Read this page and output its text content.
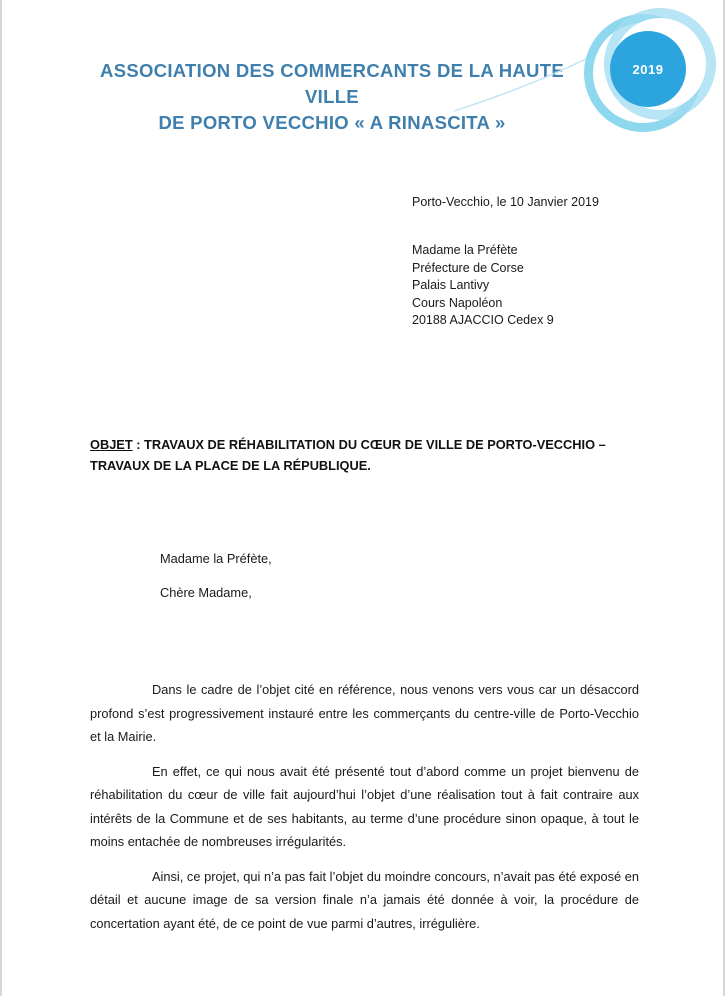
ASSOCIATION DES COMMERCANTS DE LA HAUTE VILLE
DE PORTO VECCHIO « A RINASCITA »
2019
Porto-Vecchio, le 10 Janvier 2019
Madame la Préfète
Préfecture de Corse
Palais Lantivy
Cours Napoléon
20188 AJACCIO Cedex 9
OBJET : TRAVAUX DE RÉHABILITATION DU CŒUR DE VILLE DE PORTO-VECCHIO – TRAVAUX DE LA PLACE DE LA RÉPUBLIQUE.
Madame la Préfète,
Chère Madame,

Dans le cadre de l’objet cité en référence, nous venons vers vous car un désaccord profond s’est progressivement instauré entre les commerçants du centre-ville de Porto-Vecchio et la Mairie.

En effet, ce qui nous avait été présenté tout d’abord comme un projet bienvenu de réhabilitation du cœur de ville fait aujourd’hui l’objet d’une réalisation tout à fait contraire aux intérêts de la Commune et de ses habitants, au terme d’une procédure sinon opaque, à tout le moins entachée de nombreuses irrégularités.

Ainsi, ce projet, qui n’a pas fait l’objet du moindre concours, n’avait pas été exposé en détail et aucune image de sa version finale n’a jamais été donnée à voir, la procédure de concertation ayant été, de ce point de vue parmi d’autres, irrégulière.
